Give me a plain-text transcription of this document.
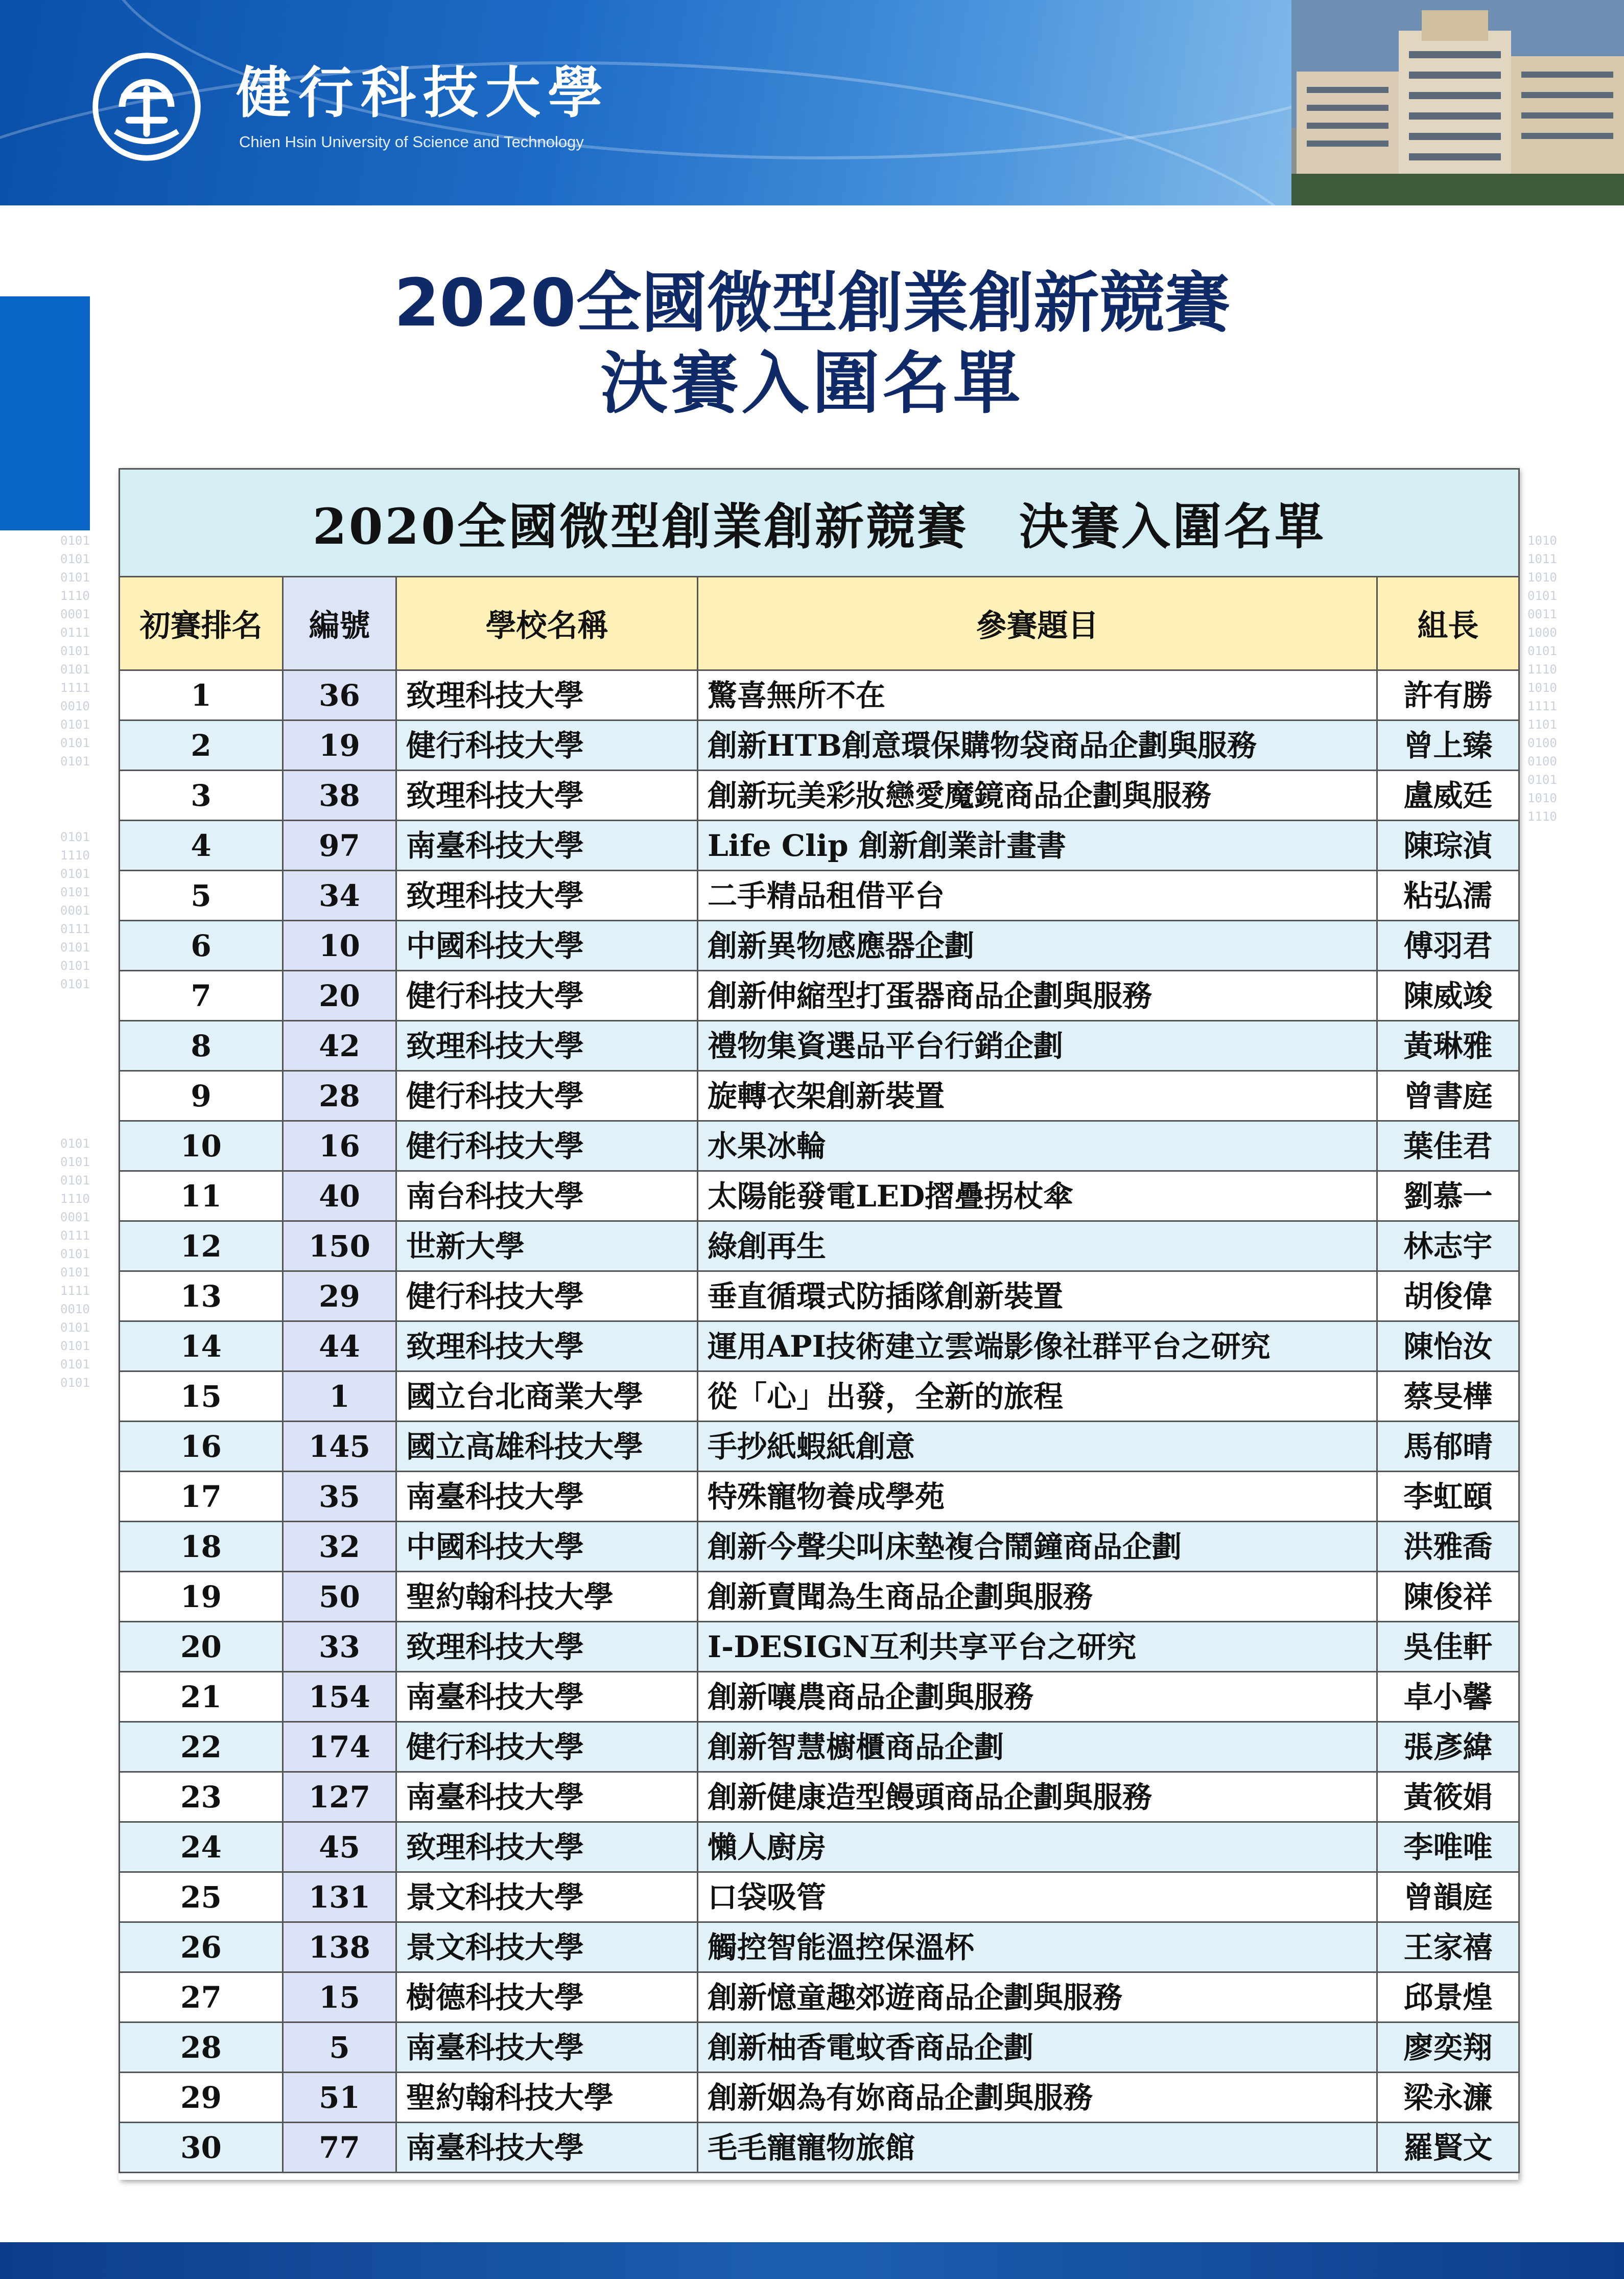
健行科技大學
Chien Hsin University of Science and Technology
0101
0101
0101
1110
0001
0111
0101
0101
1111
0010
0101
0101
0101
0101
1110
0101
0101
0001
0111
0101
0101
0101
0101
0101
0101
1110
0001
0111
0101
0101
1111
0010
0101
0101
0101
0101
1010
1011
1010
0101
0011
1000
0101
1110
1010
1111
1101
0100
0100
0101
1010
1110
2020全國微型創業創新競賽
決賽入圍名單
2020全國微型創業創新競賽　決賽入圍名單				
初賽排名	編號	學校名稱	參賽題目	組長
1	36	致理科技大學	驚喜無所不在	許有勝
2	19	健行科技大學	創新HTB創意環保購物袋商品企劃與服務	曾上臻
3	38	致理科技大學	創新玩美彩妝戀愛魔鏡商品企劃與服務	盧威廷
4	97	南臺科技大學	Life Clip 創新創業計畫書	陳琮湞
5	34	致理科技大學	二手精品租借平台	粘弘濡
6	10	中國科技大學	創新異物感應器企劃	傅羽君
7	20	健行科技大學	創新伸縮型打蛋器商品企劃與服務	陳威竣
8	42	致理科技大學	禮物集資選品平台行銷企劃	黃琳雅
9	28	健行科技大學	旋轉衣架創新裝置	曾書庭
10	16	健行科技大學	水果冰輪	葉佳君
11	40	南台科技大學	太陽能發電LED摺疊拐杖傘	劉慕一
12	150	世新大學	綠創再生	林志宇
13	29	健行科技大學	垂直循環式防插隊創新裝置	胡俊偉
14	44	致理科技大學	運用API技術建立雲端影像社群平台之研究	陳怡汝
15	1	國立台北商業大學	從「心」出發，全新的旅程	蔡旻樺
16	145	國立高雄科技大學	手抄紙蝦紙創意	馬郁晴
17	35	南臺科技大學	特殊寵物養成學苑	李虹頤
18	32	中國科技大學	創新今聲尖叫床墊複合鬧鐘商品企劃	洪雅喬
19	50	聖約翰科技大學	創新賣聞為生商品企劃與服務	陳俊祥
20	33	致理科技大學	I-DESIGN互利共享平台之研究	吳佳軒
21	154	南臺科技大學	創新嚷農商品企劃與服務	卓小馨
22	174	健行科技大學	創新智慧櫥櫃商品企劃	張彥緯
23	127	南臺科技大學	創新健康造型饅頭商品企劃與服務	黃筱娟
24	45	致理科技大學	懶人廚房	李唯唯
25	131	景文科技大學	口袋吸管	曾韻庭
26	138	景文科技大學	觸控智能溫控保溫杯	王家禧
27	15	樹德科技大學	創新憶童趣郊遊商品企劃與服務	邱景煌
28	5	南臺科技大學	創新柚香電蚊香商品企劃	廖奕翔
29	51	聖約翰科技大學	創新姻為有妳商品企劃與服務	梁永濂
30	77	南臺科技大學	毛毛寵寵物旅館	羅賢文
